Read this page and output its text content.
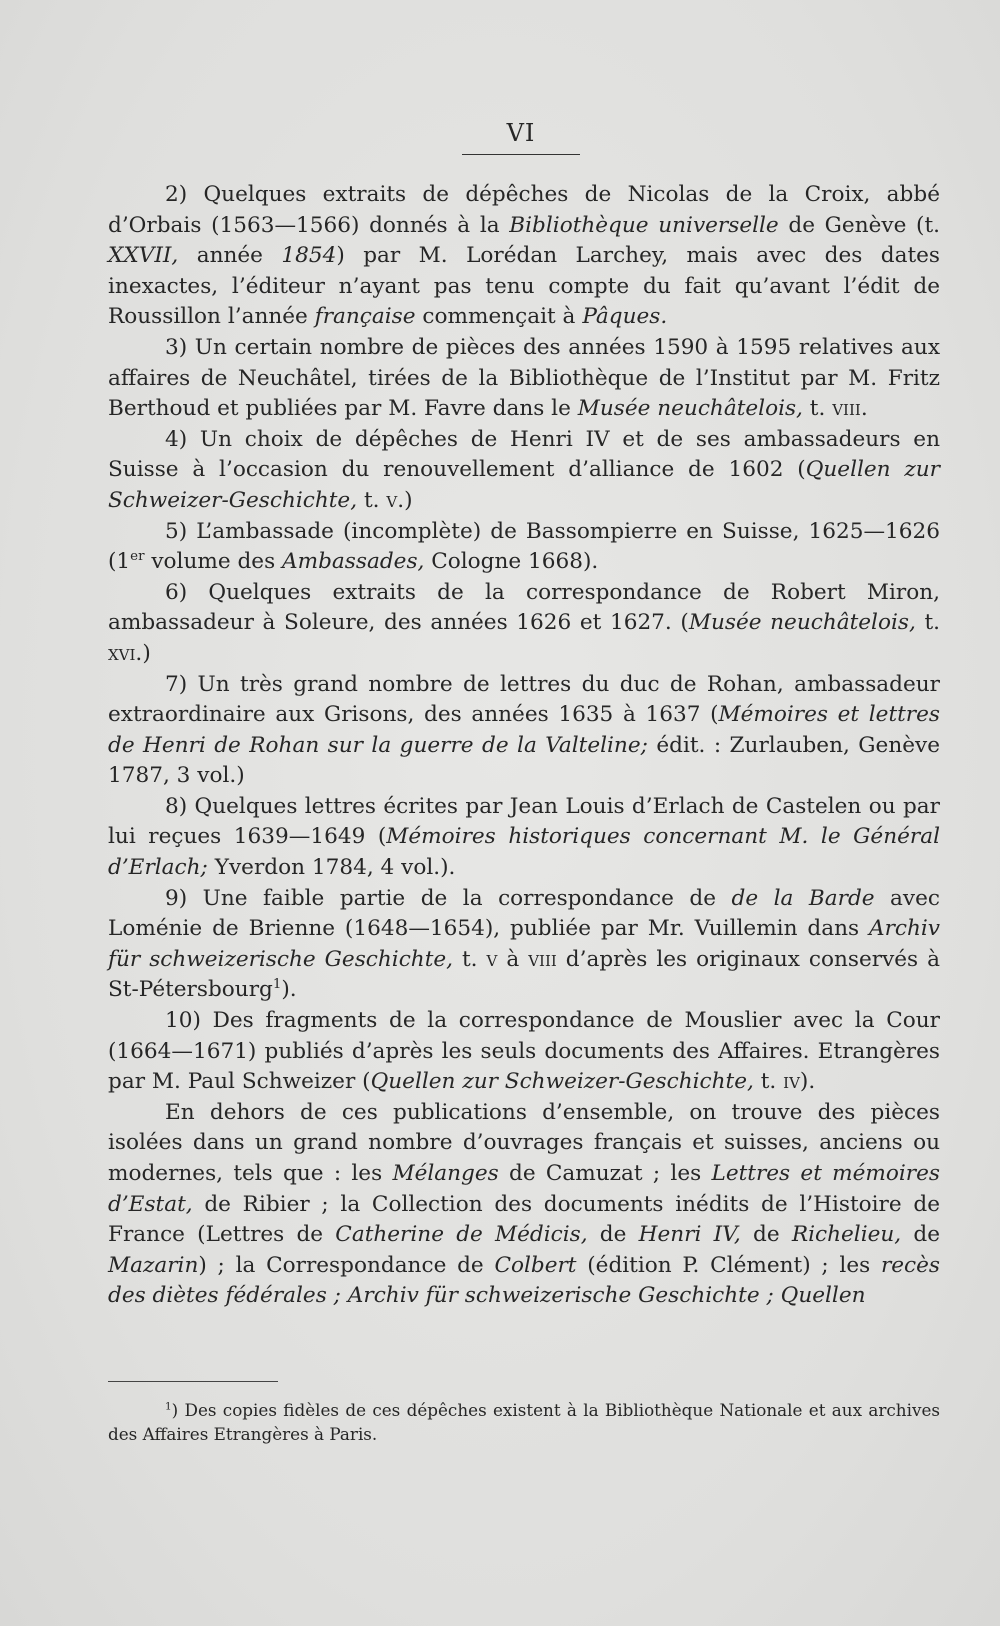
VI

2) Quelques extraits de dépêches de Nicolas de la Croix, abbé d’Orbais (1563—1566) donnés à la Bibliothèque universelle de Genève (t. XXVII, année 1854) par M. Lorédan Larchey, mais avec des dates inexactes, l’éditeur n’ayant pas tenu compte du fait qu’avant l’édit de Roussillon l’année française commençait à Pâques.

3) Un certain nombre de pièces des années 1590 à 1595 relatives aux affaires de Neuchâtel, tirées de la Bibliothèque de l’Institut par M. Fritz Berthoud et publiées par M. Favre dans le Musée neuchâtelois, t. viii.

4) Un choix de dépêches de Henri IV et de ses ambassadeurs en Suisse à l’occasion du renouvellement d’alliance de 1602 (Quellen zur Schweizer-Geschichte, t. v.)

5) L’ambassade (incomplète) de Bassompierre en Suisse, 1625—1626 (1er volume des Ambassades, Cologne 1668).

6) Quelques extraits de la correspondance de Robert Miron, ambassadeur à Soleure, des années 1626 et 1627. (Musée neuchâtelois, t. xvi.)

7) Un très grand nombre de lettres du duc de Rohan, ambassadeur extraordinaire aux Grisons, des années 1635 à 1637 (Mémoires et lettres de Henri de Rohan sur la guerre de la Valteline; édit. : Zurlauben, Genève 1787, 3 vol.)

8) Quelques lettres écrites par Jean Louis d’Erlach de Castelen ou par lui reçues 1639—1649 (Mémoires historiques concernant M. le Général d’Erlach; Yverdon 1784, 4 vol.).

9) Une faible partie de la correspondance de de la Barde avec Loménie de Brienne (1648—1654), publiée par Mr. Vuillemin dans Archiv für schweizerische Geschichte, t. v à viii d’après les originaux conservés à St-Pétersbourg$^1$).

10) Des fragments de la correspondance de Mouslier avec la Cour (1664—1671) publiés d’après les seuls documents des Affaires. Etrangères par M. Paul Schweizer (Quellen zur Schweizer-Geschichte, t. iv).

En dehors de ces publications d’ensemble, on trouve des pièces isolées dans un grand nombre d’ouvrages français et suisses, anciens ou modernes, tels que : les Mélanges de Camuzat ; les Lettres et mémoires d’Estat, de Ribier ; la Collection des documents inédits de l’Histoire de France (Lettres de Catherine de Médicis, de Henri IV, de Richelieu, de Mazarin) ; la Correspondance de Colbert (édition P. Clément) ; les recès des diètes fédérales ; Archiv für schweizerische Geschichte ; Quellen

$^1$) Des copies fidèles de ces dépêches existent à la Bibliothèque Nationale et aux archives des Affaires Etrangères à Paris.
